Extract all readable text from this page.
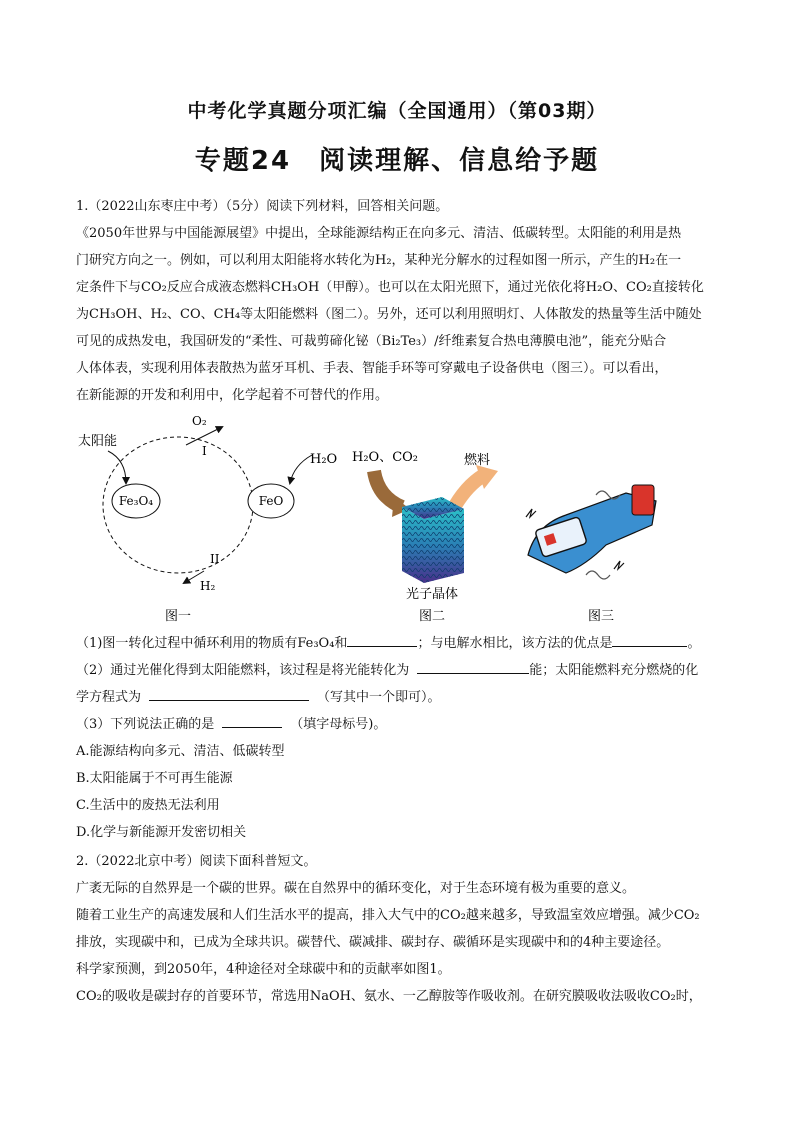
中考化学真题分项汇编（全国通用）（第03期）
专题24　阅读理解、信息给予题
1.（2022山东枣庄中考）（5分）阅读下列材料，回答相关问题。
《2050年世界与中国能源展望》中提出，全球能源结构正在向多元、清洁、低碳转型。太阳能的利用是热
门研究方向之一。例如，可以利用太阳能将水转化为H₂，某种光分解水的过程如图一所示，产生的H₂在一
定条件下与CO₂反应合成液态燃料CH₃OH（甲醇）。也可以在太阳光照下，通过光依化将H₂O、CO₂直接转化
为CH₃OH、H₂、CO、CH₄等太阳能燃料（图二）。另外，还可以利用照明灯、人体散发的热量等生活中随处
可见的成热发电，我国研发的“柔性、可裁剪碲化铋（Bi₂Te₃）/纤维素复合热电薄膜电池”，能充分贴合
人体体表，实现利用体表散热为蓝牙耳机、手表、智能手环等可穿戴电子设备供电（图三）。可以看出，
在新能源的开发和利用中，化学起着不可替代的作用。
Fe₃O₄	FeO
太阳能
O₂
I
H₂O
II
H₂
图一
H₂O、CO₂	燃料
光子晶体
图二	图三
（1)图一转化过程中循环利用的物质有Fe₃O₄和	；与电解水相比，该方法的优点是	。
（2）通过光催化得到太阳能燃料，该过程是将光能转化为	能；太阳能燃料充分燃烧的化
学方程式为	（写其中一个即可）。
（3）下列说法正确的是	（填字母标号)。
A.能源结构向多元、清洁、低碳转型
B.太阳能属于不可再生能源
C.生活中的废热无法利用
D.化学与新能源开发密切相关
2.（2022北京中考）阅读下面科普短文。
广袤无际的自然界是一个碳的世界。碳在自然界中的循环变化，对于生态环境有极为重要的意义。
随着工业生产的高速发展和人们生活水平的提高，排入大气中的CO₂越来越多，导致温室效应增强。减少CO₂
排放，实现碳中和，已成为全球共识。碳替代、碳减排、碳封存、碳循环是实现碳中和的4种主要途径。
科学家预测，到2050年，4种途径对全球碳中和的贡献率如图1。
CO₂的吸收是碳封存的首要环节，常选用NaOH、氨水、一乙醇胺等作吸收剂。在研究膜吸收法吸收CO₂时，
